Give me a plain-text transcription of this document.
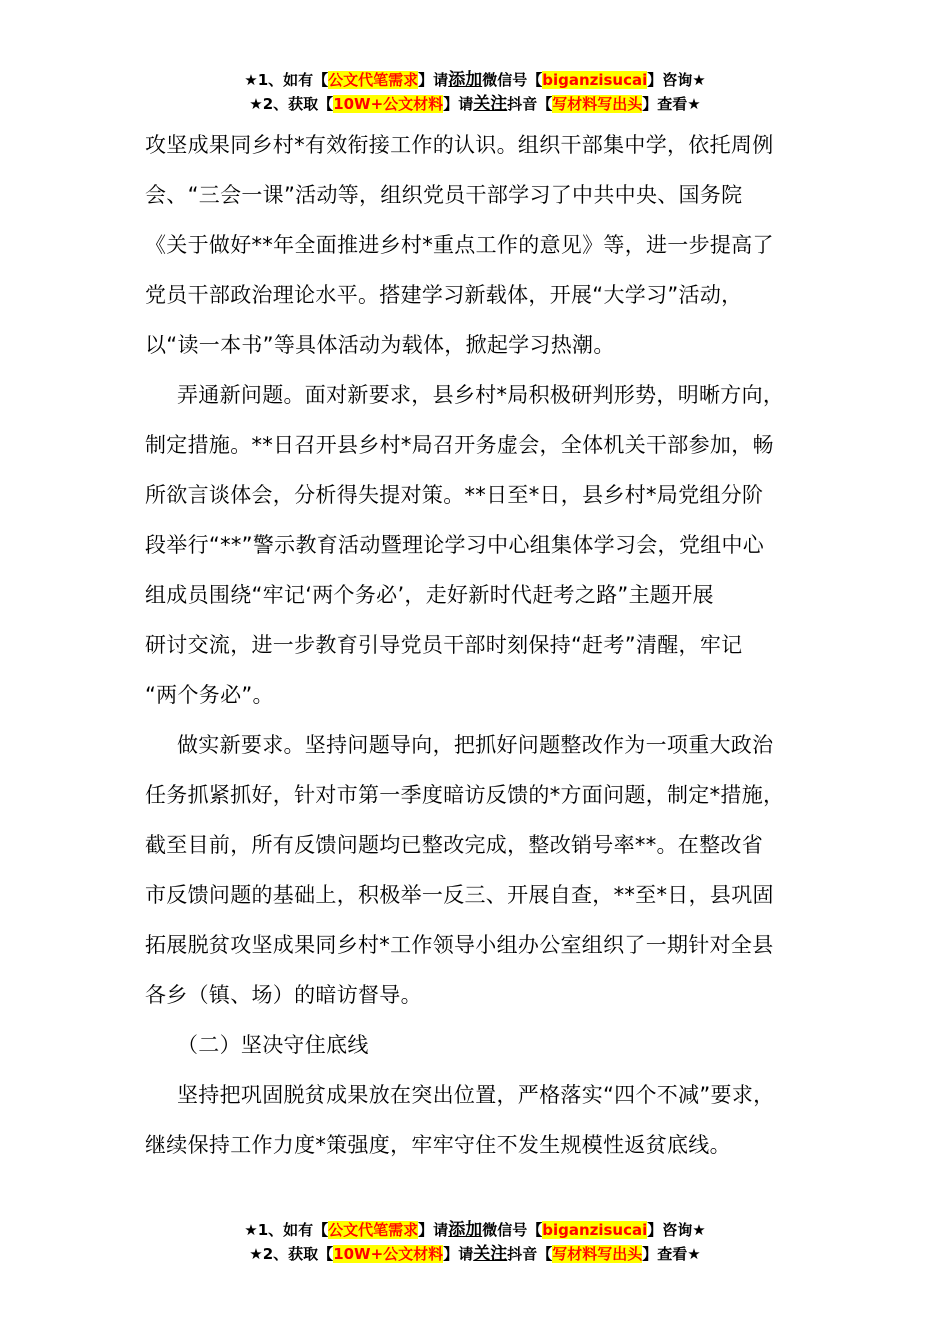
★1、如有【公文代笔需求】请添加微信号【biganzisucai】咨询★
★2、获取【10W+公文材料】请关注抖音【写材料写出头】查看★

攻坚成果同乡村*有效衔接工作的认识。组织干部集中学，依托周例
会、“三会一课”活动等，组织党员干部学习了中共中央、国务院
《关于做好**年全面推进乡村*重点工作的意见》等，进一步提高了
党员干部政治理论水平。搭建学习新载体，开展“大学习”活动，
以“读一本书”等具体活动为载体，掀起学习热潮。

弄通新问题。面对新要求，县乡村*局积极研判形势，明晰方向，
制定措施。**日召开县乡村*局召开务虚会，全体机关干部参加，畅
所欲言谈体会，分析得失提对策。**日至*日，县乡村*局党组分阶
段举行“**”警示教育活动暨理论学习中心组集体学习会，党组中心
组成员围绕“牢记‘两个务必’，走好新时代赶考之路”主题开展
研讨交流，进一步教育引导党员干部时刻保持“赶考”清醒，牢记
“两个务必”。

做实新要求。坚持问题导向，把抓好问题整改作为一项重大政治
任务抓紧抓好，针对市第一季度暗访反馈的*方面问题，制定*措施，
截至目前，所有反馈问题均已整改完成，整改销号率**。在整改省
市反馈问题的基础上，积极举一反三、开展自查，**至*日，县巩固
拓展脱贫攻坚成果同乡村*工作领导小组办公室组织了一期针对全县
各乡（镇、场）的暗访督导。

（二）坚决守住底线

坚持把巩固脱贫成果放在突出位置，严格落实“四个不减”要求，
继续保持工作力度*策强度，牢牢守住不发生规模性返贫底线。

★1、如有【公文代笔需求】请添加微信号【biganzisucai】咨询★
★2、获取【10W+公文材料】请关注抖音【写材料写出头】查看★
